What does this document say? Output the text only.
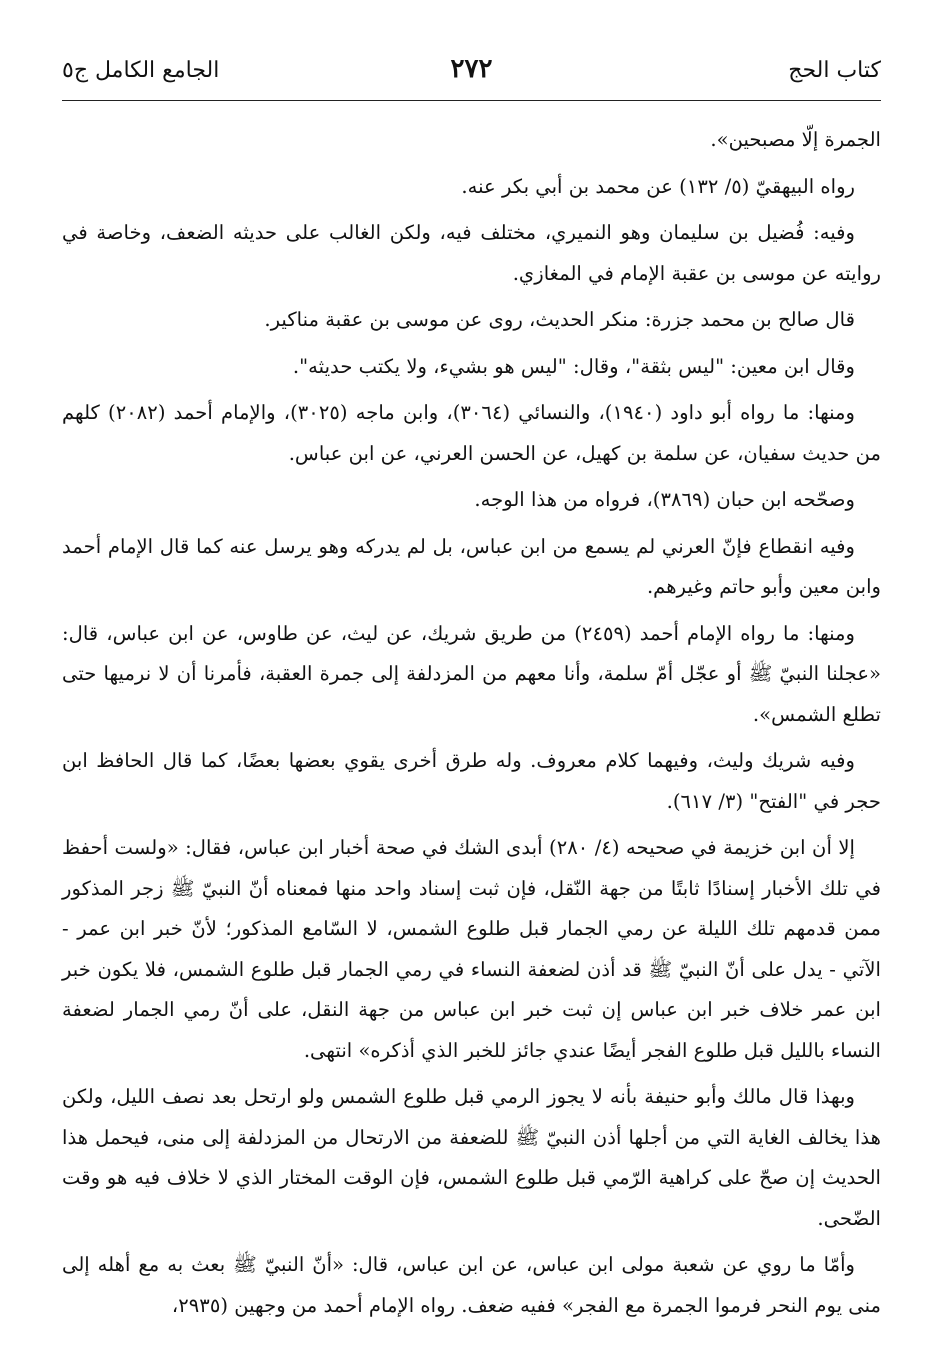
كتاب الحج
٢٧٢
الجامع الكامل ج٥

الجمرة إلّا مصبحين».

رواه البيهقيّ (٥/ ١٣٢) عن محمد بن أبي بكر عنه.

وفيه: فُضيل بن سليمان وهو النميري، مختلف فيه، ولكن الغالب على حديثه الضعف، وخاصة في روايته عن موسى بن عقبة الإمام في المغازي.

قال صالح بن محمد جزرة: منكر الحديث، روى عن موسى بن عقبة مناكير.

وقال ابن معين: "ليس بثقة"، وقال: "ليس هو بشيء، ولا يكتب حديثه".

ومنها: ما رواه أبو داود (١٩٤٠)، والنسائي (٣٠٦٤)، وابن ماجه (٣٠٢٥)، والإمام أحمد (٢٠٨٢) كلهم من حديث سفيان، عن سلمة بن كهيل، عن الحسن العرني، عن ابن عباس.

وصحّحه ابن حبان (٣٨٦٩)، فرواه من هذا الوجه.

وفيه انقطاع فإنّ العرني لم يسمع من ابن عباس، بل لم يدركه وهو يرسل عنه كما قال الإمام أحمد وابن معين وأبو حاتم وغيرهم.

ومنها: ما رواه الإمام أحمد (٢٤٥٩) من طريق شريك، عن ليث، عن طاوس، عن ابن عباس، قال: «عجلنا النبيّ ﷺ أو عجّل أمّ سلمة، وأنا معهم من المزدلفة إلى جمرة العقبة، فأمرنا أن لا نرميها حتى تطلع الشمس».

وفيه شريك وليث، وفيهما كلام معروف. وله طرق أخرى يقوي بعضها بعضًا، كما قال الحافظ ابن حجر في "الفتح" (٣/ ٦١٧).

إلا أن ابن خزيمة في صحيحه (٤/ ٢٨٠) أبدى الشك في صحة أخبار ابن عباس، فقال: «ولست أحفظ في تلك الأخبار إسنادًا ثابتًا من جهة النّقل، فإن ثبت إسناد واحد منها فمعناه أنّ النبيّ ﷺ زجر المذكور ممن قدمهم تلك الليلة عن رمي الجمار قبل طلوع الشمس، لا السّامع المذكور؛ لأنّ خبر ابن عمر - الآتي - يدل على أنّ النبيّ ﷺ قد أذن لضعفة النساء في رمي الجمار قبل طلوع الشمس، فلا يكون خبر ابن عمر خلاف خبر ابن عباس إن ثبت خبر ابن عباس من جهة النقل، على أنّ رمي الجمار لضعفة النساء بالليل قبل طلوع الفجر أيضًا عندي جائز للخبر الذي أذكره» انتهى.

وبهذا قال مالك وأبو حنيفة بأنه لا يجوز الرمي قبل طلوع الشمس ولو ارتحل بعد نصف الليل، ولكن هذا يخالف الغاية التي من أجلها أذن النبيّ ﷺ للضعفة من الارتحال من المزدلفة إلى منى، فيحمل هذا الحديث إن صحّ على كراهية الرّمي قبل طلوع الشمس، فإن الوقت المختار الذي لا خلاف فيه هو وقت الضّحى.

وأمّا ما روي عن شعبة مولى ابن عباس، عن ابن عباس، قال: «أنّ النبيّ ﷺ بعث به مع أهله إلى منى يوم النحر فرموا الجمرة مع الفجر» ففيه ضعف. رواه الإمام أحمد من وجهين (٢٩٣٥،
